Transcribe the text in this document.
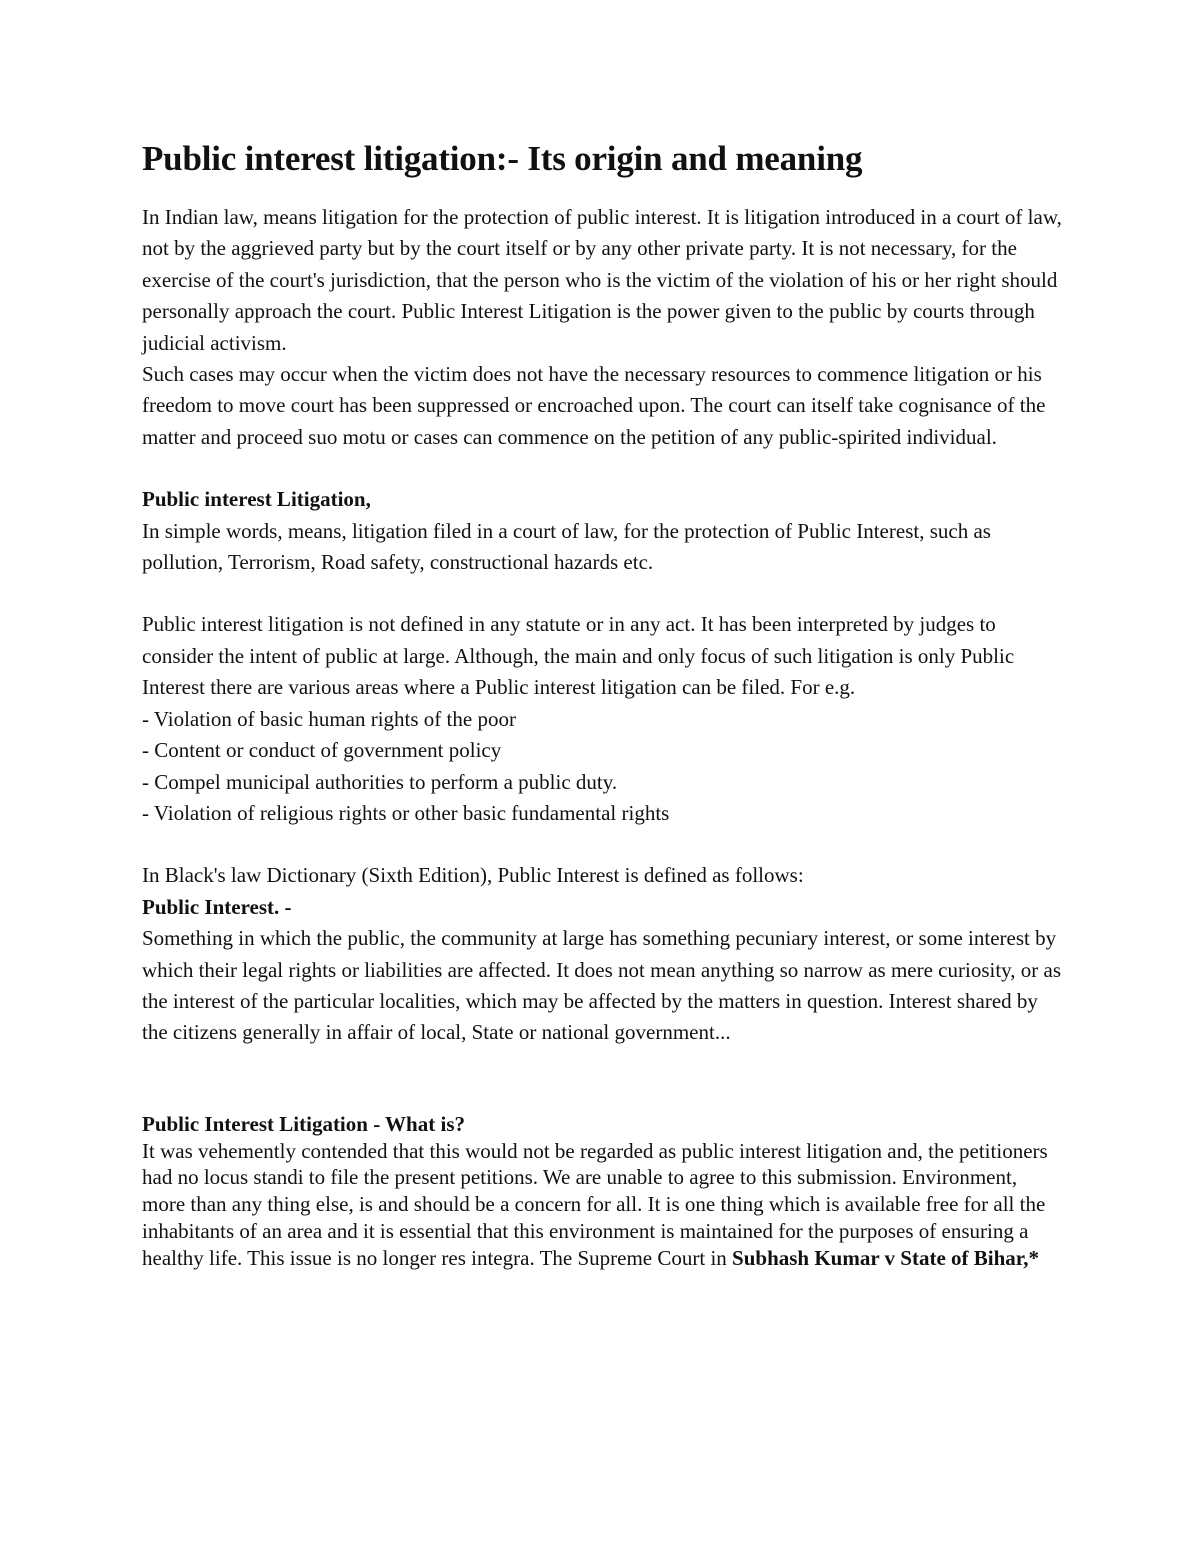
Public interest litigation:- Its origin and meaning

In Indian law, means litigation for the protection of public interest. It is litigation introduced in a court of law, not by the aggrieved party but by the court itself or by any other private party. It is not necessary, for the exercise of the court's jurisdiction, that the person who is the victim of the violation of his or her right should personally approach the court. Public Interest Litigation is the power given to the public by courts through judicial activism.

Such cases may occur when the victim does not have the necessary resources to commence litigation or his freedom to move court has been suppressed or encroached upon. The court can itself take cognisance of the matter and proceed suo motu or cases can commence on the petition of any public-spirited individual.

Public interest Litigation,

In simple words, means, litigation filed in a court of law, for the protection of Public Interest, such as pollution, Terrorism, Road safety, constructional hazards etc.

Public interest litigation is not defined in any statute or in any act. It has been interpreted by judges to consider the intent of public at large. Although, the main and only focus of such litigation is only Public Interest there are various areas where a Public interest litigation can be filed. For e.g.

- Violation of basic human rights of the poor
- Content or conduct of government policy
- Compel municipal authorities to perform a public duty.
- Violation of religious rights or other basic fundamental rights

In Black's law Dictionary (Sixth Edition), Public Interest is defined as follows:

Public Interest. -

Something in which the public, the community at large has something pecuniary interest, or some interest by which their legal rights or liabilities are affected. It does not mean anything so narrow as mere curiosity, or as the interest of the particular localities, which may be affected by the matters in question. Interest shared by the citizens generally in affair of local, State or national government...

Public Interest Litigation - What is?

It was vehemently contended that this would not be regarded as public interest litigation and, the petitioners had no locus standi to file the present petitions. We are unable to agree to this submission. Environment, more than any thing else, is and should be a concern for all. It is one thing which is available free for all the inhabitants of an area and it is essential that this environment is maintained for the purposes of ensuring a healthy life. This issue is no longer res integra. The Supreme Court in Subhash Kumar v State of Bihar,*
